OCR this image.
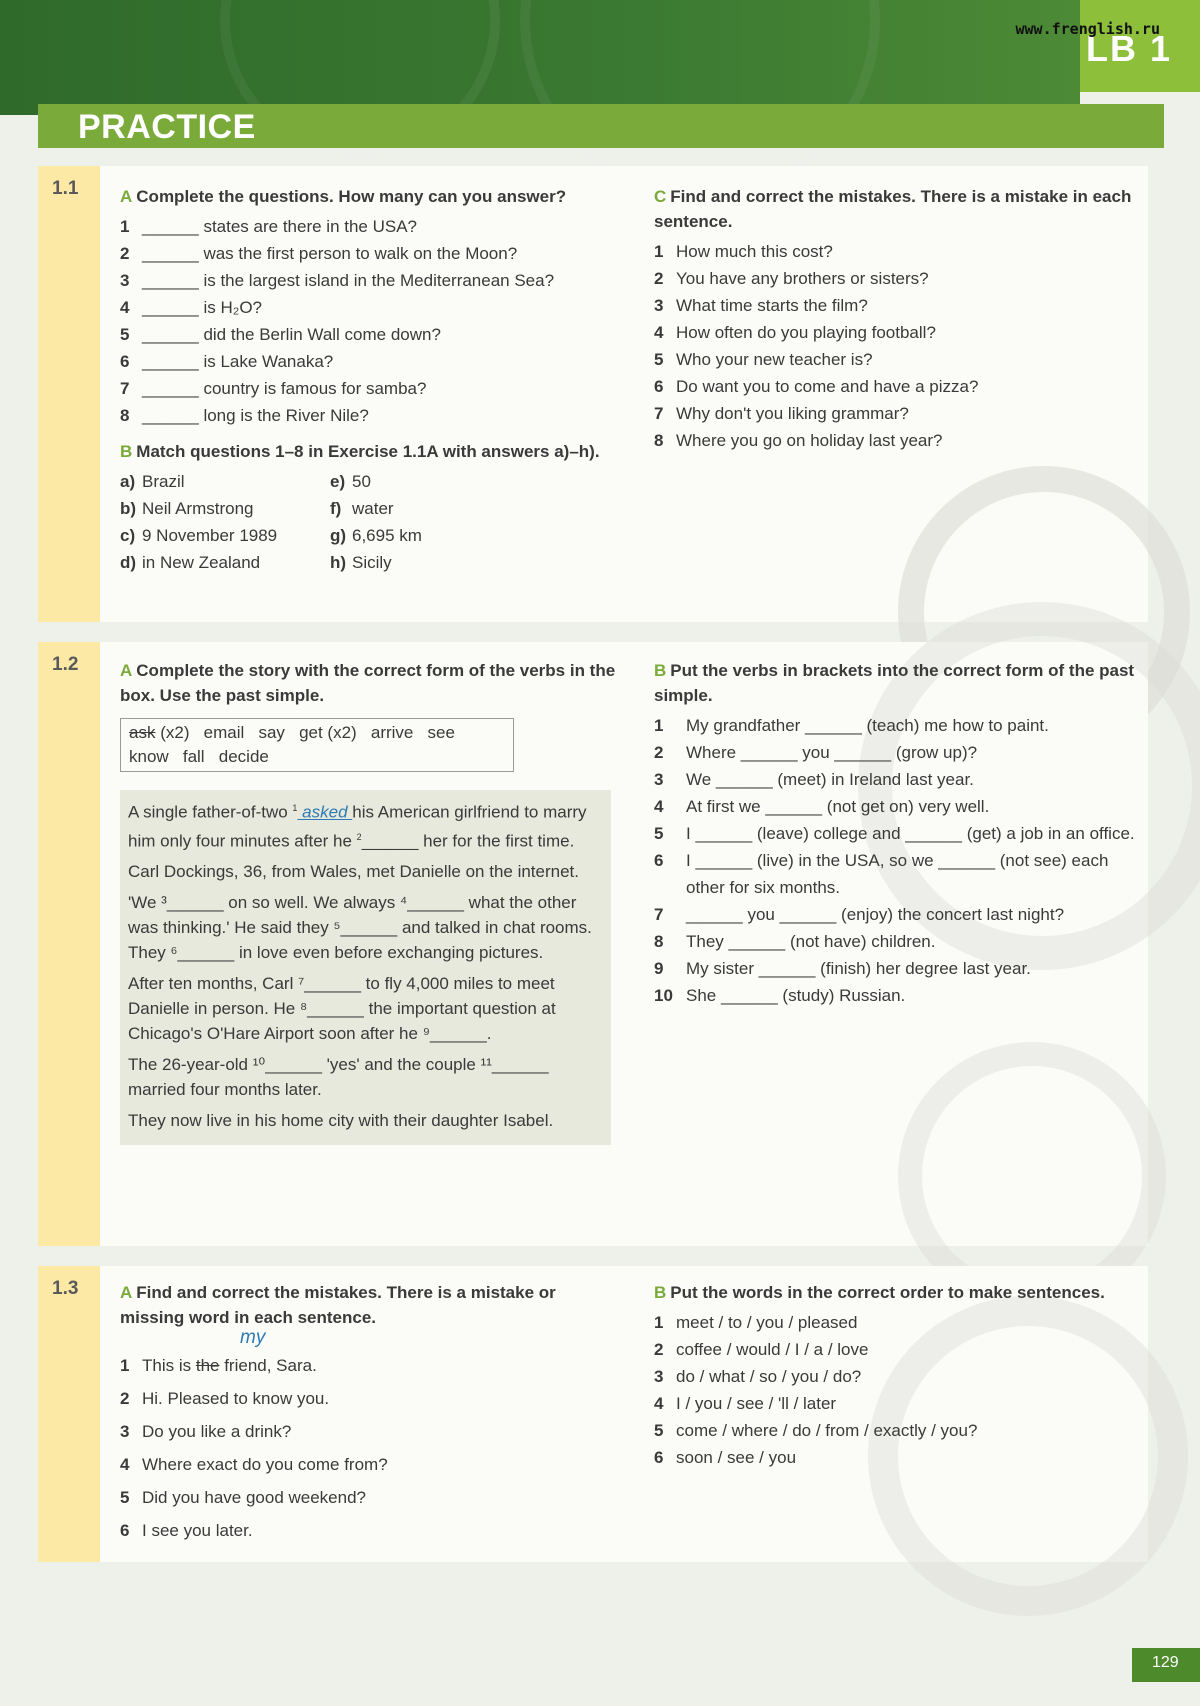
LB 1
www.frenglish.ru
PRACTICE
1.1 A Complete the questions. How many can you answer?
1 ______ states are there in the USA?
2 ______ was the first person to walk on the Moon?
3 ______ is the largest island in the Mediterranean Sea?
4 ______ is H₂O?
5 ______ did the Berlin Wall come down?
6 ______ is Lake Wanaka?
7 ______ country is famous for samba?
8 ______ long is the River Nile?
B Match questions 1–8 in Exercise 1.1A with answers a)–h).
a) Brazil	e) 50
b) Neil Armstrong	f) water
c) 9 November 1989	g) 6,695 km
d) in New Zealand	h) Sicily
C Find and correct the mistakes. There is a mistake in each sentence.
1 How much this cost?
2 You have any brothers or sisters?
3 What time starts the film?
4 How often do you playing football?
5 Who your new teacher is?
6 Do want you to come and have a pizza?
7 Why don't you liking grammar?
8 Where you go on holiday last year?
1.2 A Complete the story with the correct form of the verbs in the box. Use the past simple.
ask (x2)   email   say   get (x2)   arrive   see
know   fall   decide

A single father-of-two $^1$ asked his American girlfriend to marry him only four minutes after he $^2$______ her for the first time.

Carl Dockings, 36, from Wales, met Danielle on the internet.

'We ³______ on so well. We always ⁴______ what the other was thinking.' He said they ⁵______ and talked in chat rooms. They ⁶______ in love even before exchanging pictures.

After ten months, Carl ⁷______ to fly 4,000 miles to meet Danielle in person. He ⁸______ the important question at Chicago's O'Hare Airport soon after he ⁹______.

The 26-year-old ¹⁰______ 'yes' and the couple ¹¹______ married four months later.

They now live in his home city with their daughter Isabel.

B Put the verbs in brackets into the correct form of the past simple.
1	My grandfather ______ (teach) me how to paint.
2	Where ______ you ______ (grow up)?
3	We ______ (meet) in Ireland last year.
4	At first we ______ (not get on) very well.
5	I ______ (leave) college and ______ (get) a job in an office.
6	I ______ (live) in the USA, so we ______ (not see) each other for six months.
7	______ you ______ (enjoy) the concert last night?
8	They ______ (not have) children.
9	My sister ______ (finish) her degree last year.
10 She ______ (study) Russian.
1.3 A Find and correct the mistakes. There is a mistake or missing word in each sentence.
my
1 This is the friend, Sara.
2 Hi. Pleased to know you.
3 Do you like a drink?
4 Where exact do you come from?
5 Did you have good weekend?
6 I see you later.
B Put the words in the correct order to make sentences.
1 meet / to / you / pleased
2 coffee / would / I / a / love
3 do / what / so / you / do?
4 I / you / see / 'll / later
5 come / where / do / from / exactly / you?
6 soon / see / you
129
